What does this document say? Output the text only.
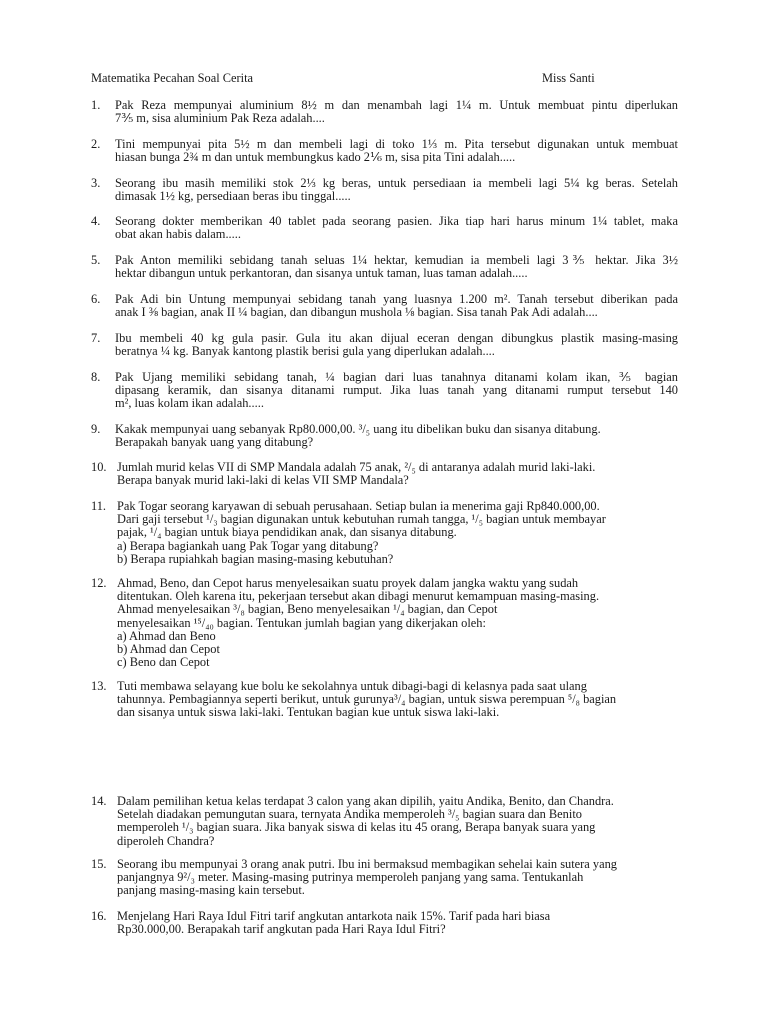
Matematika Pecahan Soal Cerita	Miss Santi
1.	Pak Reza mempunyai aluminium 8½ m dan menambah lagi 1¼ m. Untuk membuat pintu diperlukan
7⅗ m, sisa aluminium Pak Reza adalah....
2.	Tini mempunyai pita 5½ m dan membeli lagi di toko 1⅓ m. Pita tersebut digunakan untuk membuat
hiasan bunga 2¾ m dan untuk membungkus kado 2⅙ m, sisa pita Tini adalah.....
3.	Seorang ibu masih memiliki stok 2⅓ kg beras, untuk persediaan ia membeli lagi 5¼ kg beras. Setelah
dimasak 1½ kg, persediaan beras ibu tinggal.....
4.	Seorang dokter memberikan 40 tablet pada seorang pasien. Jika tiap hari harus minum 1¼ tablet, maka
obat akan habis dalam.....
5.	Pak Anton memiliki sebidang tanah seluas 1¼ hektar, kemudian ia membeli lagi 3⅗ hektar. Jika 3½
hektar dibangun untuk perkantoran, dan sisanya untuk taman, luas taman adalah.....
6.	Pak Adi bin Untung mempunyai sebidang tanah yang luasnya 1.200 m². Tanah tersebut diberikan pada
anak I ⅜ bagian, anak II ¼ bagian, dan dibangun mushola ⅛ bagian. Sisa tanah Pak Adi adalah....
7.	Ibu membeli 40 kg gula pasir. Gula itu akan dijual eceran dengan dibungkus plastik masing-masing
beratnya ¼ kg. Banyak kantong plastik berisi gula yang diperlukan adalah....
8.	Pak Ujang memiliki sebidang tanah, ¼ bagian dari luas tanahnya ditanami kolam ikan, ⅗ bagian
dipasang keramik, dan sisanya ditanami rumput. Jika luas tanah yang ditanami rumput tersebut 140
m², luas kolam ikan adalah.....
9.	Kakak mempunyai uang sebanyak Rp80.000,00. ³/₅ uang itu dibelikan buku dan sisanya ditabung.
Berapakah banyak uang yang ditabung?
10. Jumlah murid kelas VII di SMP Mandala adalah 75 anak, ²/₅ di antaranya adalah murid laki-laki.
Berapa banyak murid laki-laki di kelas VII SMP Mandala?
11. Pak Togar seorang karyawan di sebuah perusahaan. Setiap bulan ia menerima gaji Rp840.000,00.
Dari gaji tersebut ¹/₃ bagian digunakan untuk kebutuhan rumah tangga, ¹/₅ bagian untuk membayar
pajak, ¹/₄ bagian untuk biaya pendidikan anak, dan sisanya ditabung.
a) Berapa bagiankah uang Pak Togar yang ditabung?
b) Berapa rupiahkah bagian masing-masing kebutuhan?
12. Ahmad, Beno, dan Cepot harus menyelesaikan suatu proyek dalam jangka waktu yang sudah
ditentukan. Oleh karena itu, pekerjaan tersebut akan dibagi menurut kemampuan masing-masing.
Ahmad menyelesaikan ³/₈ bagian, Beno menyelesaikan ¹/₄ bagian, dan Cepot
menyelesaikan ¹⁵/₄₀ bagian. Tentukan jumlah bagian yang dikerjakan oleh:
a) Ahmad dan Beno
b) Ahmad dan Cepot
c) Beno dan Cepot
13. Tuti membawa selayang kue bolu ke sekolahnya untuk dibagi-bagi di kelasnya pada saat ulang
tahunnya. Pembagiannya seperti berikut, untuk gurunya³/₄ bagian, untuk siswa perempuan ⁵/₈ bagian
dan sisanya untuk siswa laki-laki. Tentukan bagian kue untuk siswa laki-laki.
14. Dalam pemilihan ketua kelas terdapat 3 calon yang akan dipilih, yaitu Andika, Benito, dan Chandra.
Setelah diadakan pemungutan suara, ternyata Andika memperoleh ³/₅ bagian suara dan Benito
memperoleh ¹/₃ bagian suara. Jika banyak siswa di kelas itu 45 orang, Berapa banyak suara yang
diperoleh Chandra?
15. Seorang ibu mempunyai 3 orang anak putri. Ibu ini bermaksud membagikan sehelai kain sutera yang
panjangnya 9²/₃ meter. Masing-masing putrinya memperoleh panjang yang sama. Tentukanlah
panjang masing-masing kain tersebut.
16. Menjelang Hari Raya Idul Fitri tarif angkutan antarkota naik 15%. Tarif pada hari biasa
Rp30.000,00. Berapakah tarif angkutan pada Hari Raya Idul Fitri?
